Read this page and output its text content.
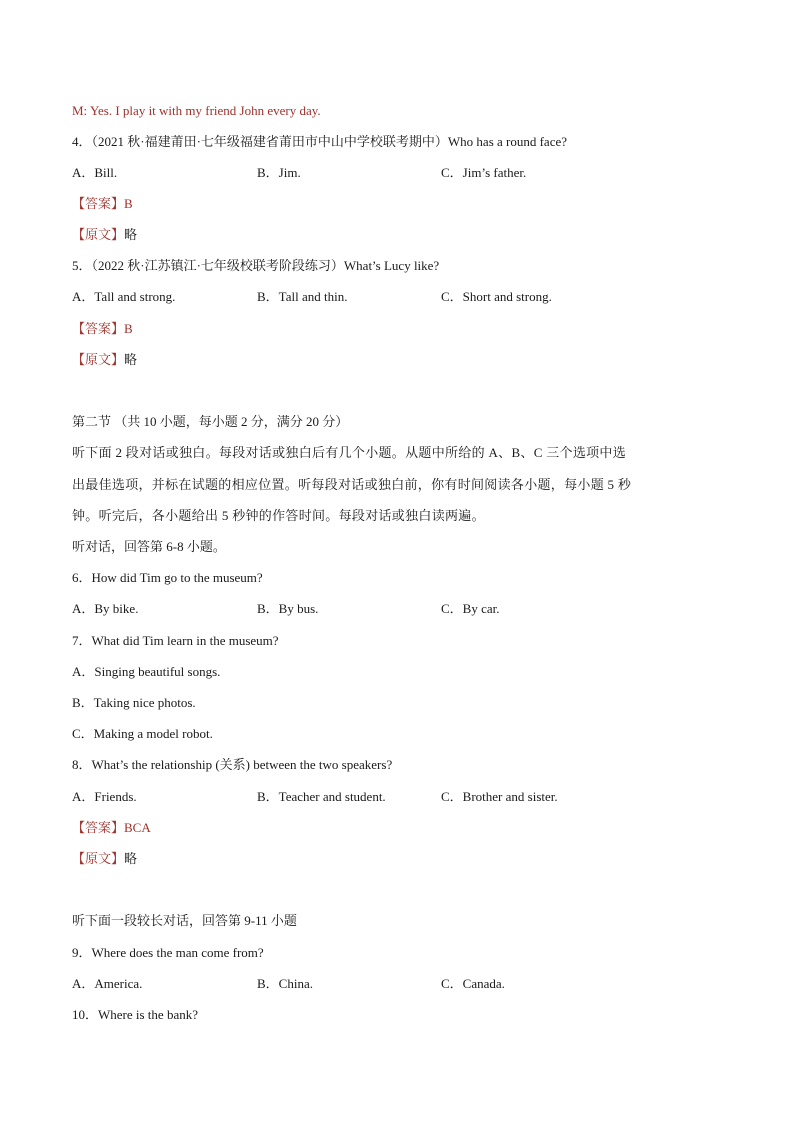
M: Yes. I play it with my friend John every day.
4．（2021 秋·福建莆田·七年级福建省莆田市中山中学校联考期中）Who has a round face?
A．Bill.	B．Jim.	C．Jim’s father.
【答案】B
【原文】略
5．（2022 秋·江苏镇江·七年级校联考阶段练习）What’s Lucy like?
A．Tall and strong.	B．Tall and thin.	C．Short and strong.
【答案】B
【原文】略
第二节 （共 10 小题，每小题 2 分，满分 20 分）
听下面 2 段对话或独白。每段对话或独白后有几个小题。从题中所给的 A、B、C 三个选项中选
出最佳选项，并标在试题的相应位置。听每段对话或独白前，你有时间阅读各小题，每小题 5 秒
钟。听完后，各小题给出 5 秒钟的作答时间。每段对话或独白读两遍。
听对话，回答第 6-8 小题。
6．How did Tim go to the museum?
A．By bike.	B．By bus.	C．By car.
7．What did Tim learn in the museum?
A．Singing beautiful songs.
B．Taking nice photos.
C．Making a model robot.
8．What’s the relationship (关系) between the two speakers?
A．Friends.	B．Teacher and student.	C．Brother and sister.
【答案】BCA
【原文】略
听下面一段较长对话，回答第 9-11 小题
9．Where does the man come from?
A．America.	B．China.	C．Canada.
10．Where is the bank?
